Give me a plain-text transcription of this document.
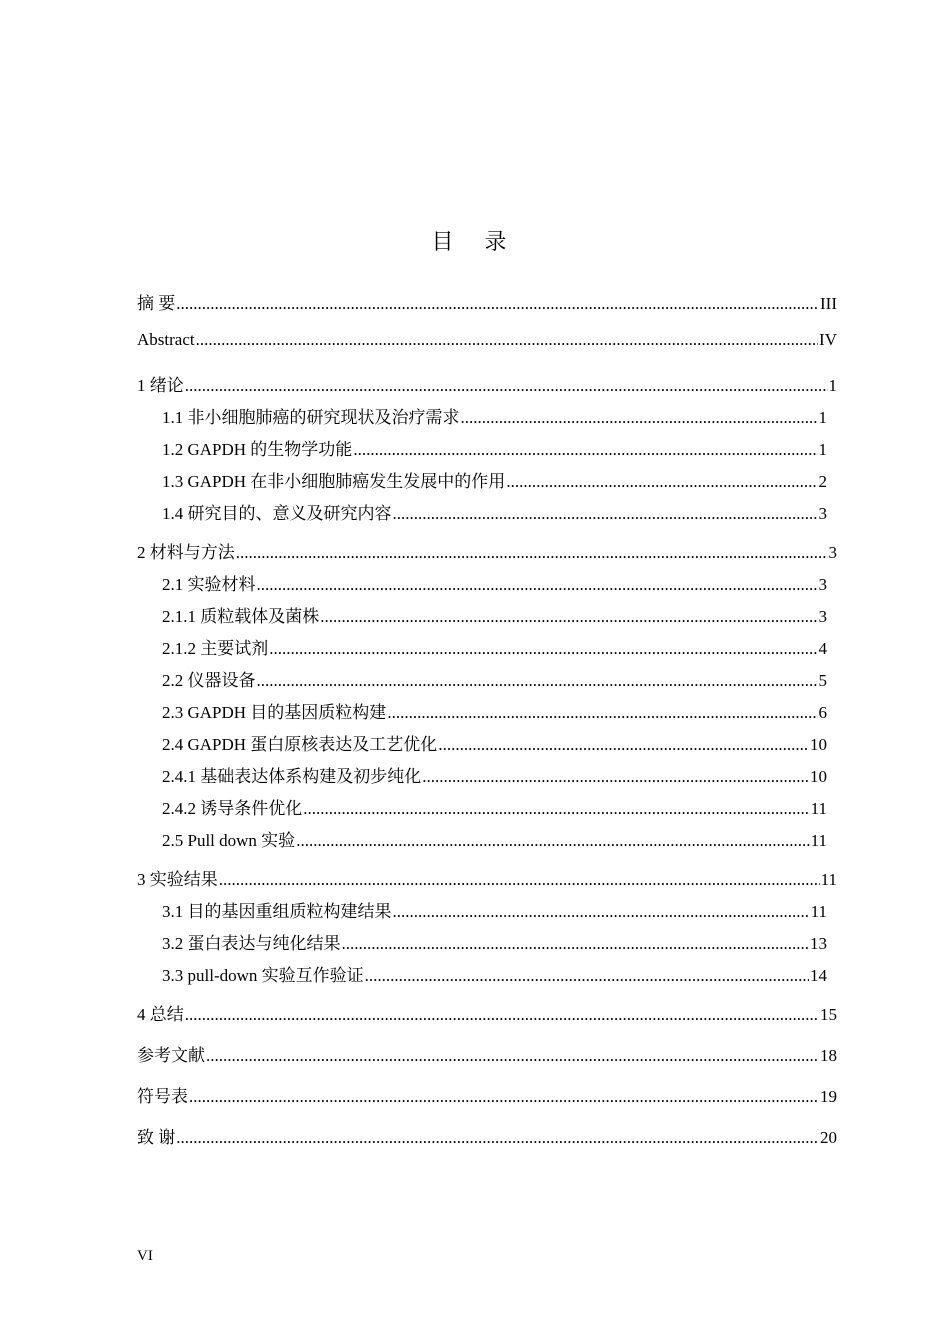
目 录
摘 要 .....	III
Abstract .....	IV
1 绪论 .....	1
1.1 非小细胞肺癌的研究现状及治疗需求 .....	1
1.2 GAPDH 的生物学功能 .....	1
1.3 GAPDH 在非小细胞肺癌发生发展中的作用 .....	2
1.4 研究目的、意义及研究内容 .....	3
2 材料与方法 .....	3
2.1 实验材料 .....	3
2.1.1 质粒载体及菌株 .....	3
2.1.2 主要试剂 .....	4
2.2 仪器设备 .....	5
2.3 GAPDH 目的基因质粒构建 .....	6
2.4 GAPDH 蛋白原核表达及工艺优化 .....	10
2.4.1 基础表达体系构建及初步纯化 .....	10
2.4.2 诱导条件优化 .....	11
2.5 Pull down 实验 .....	11
3 实验结果 .....	11
3.1 目的基因重组质粒构建结果 .....	11
3.2 蛋白表达与纯化结果 .....	13
3.3 pull-down 实验互作验证 .....	14
4 总结 .....	15
参考文献 .....	18
符号表 .....	19
致 谢 .....	20
VI
